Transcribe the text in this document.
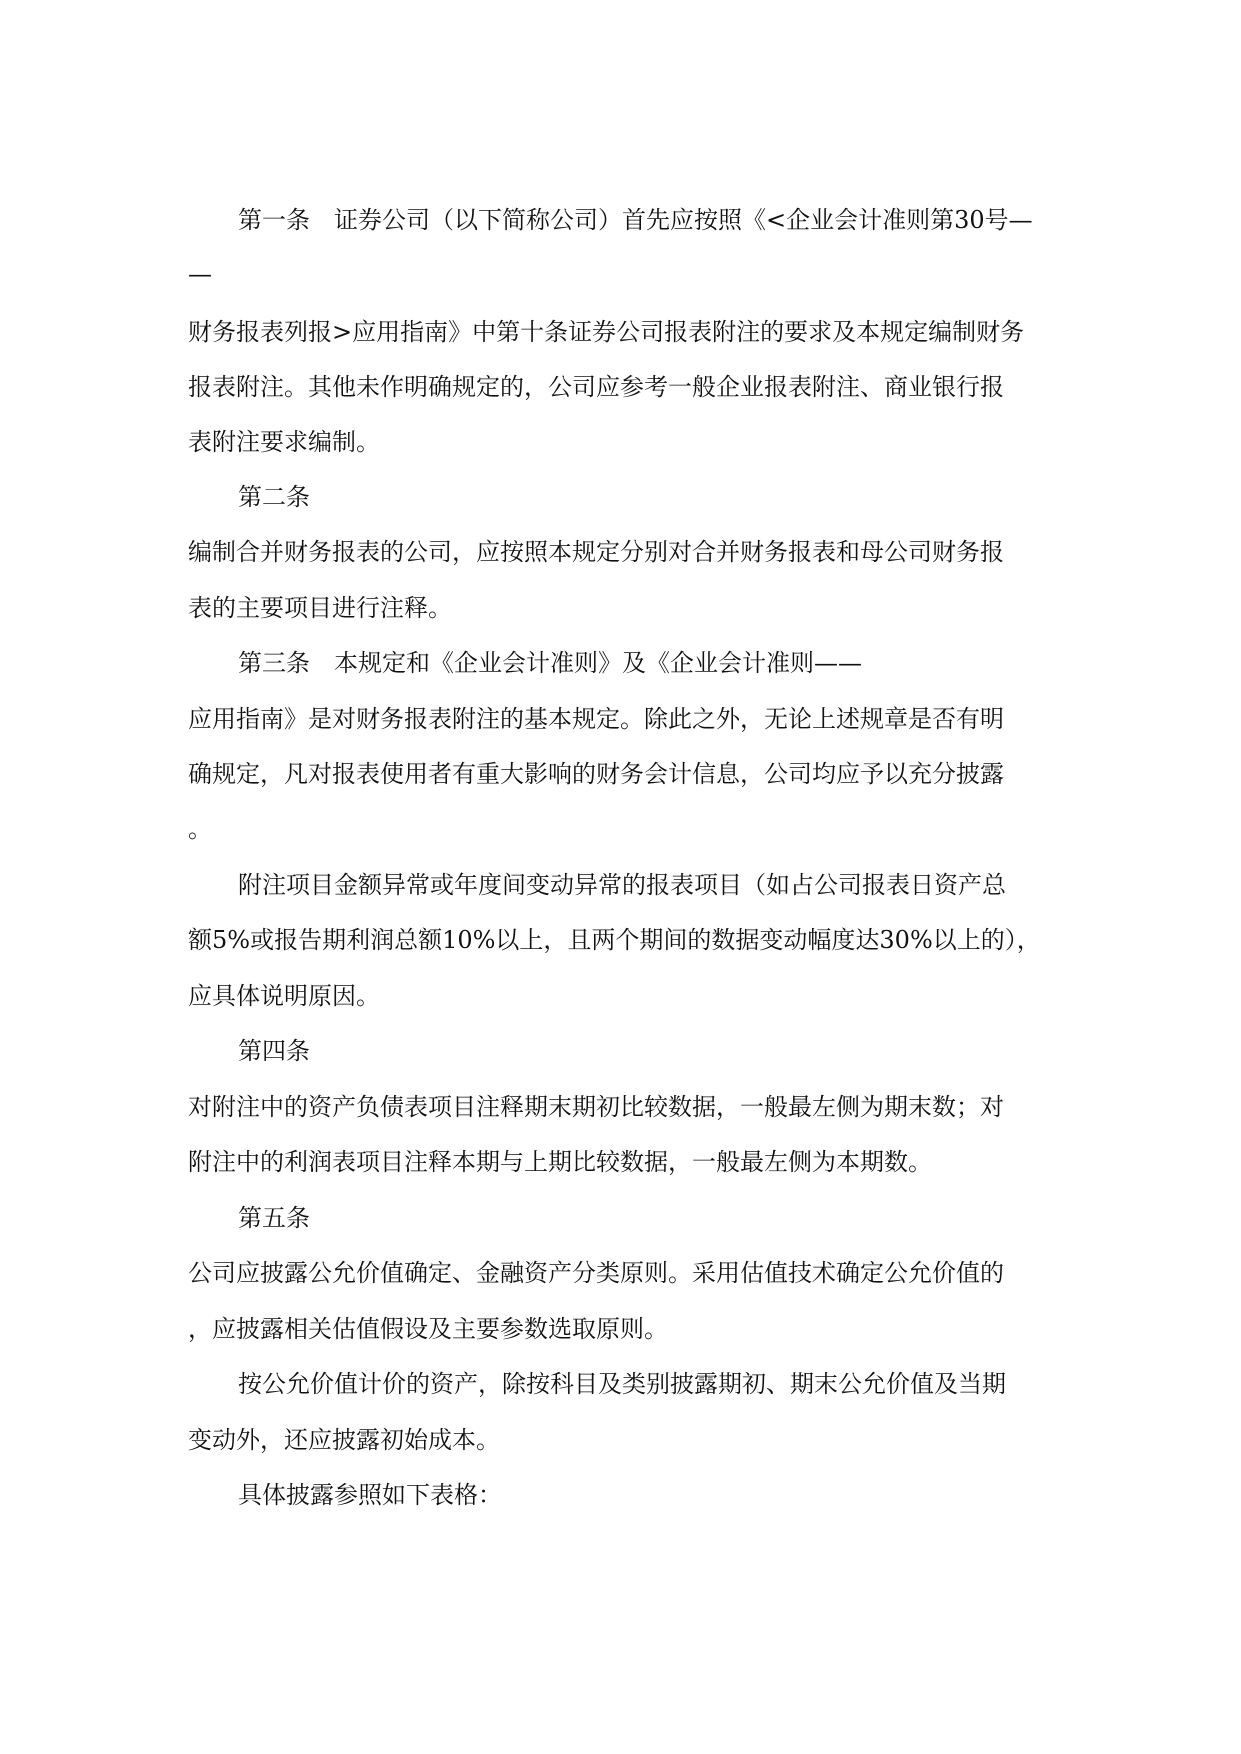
第一条　证券公司（以下简称公司）首先应按照《<企业会计准则第30号—
—
财务报表列报>应用指南》中第十条证券公司报表附注的要求及本规定编制财务
报表附注。其他未作明确规定的，公司应参考一般企业报表附注、商业银行报
表附注要求编制。
第二条
编制合并财务报表的公司，应按照本规定分别对合并财务报表和母公司财务报
表的主要项目进行注释。
第三条　本规定和《企业会计准则》及《企业会计准则——
应用指南》是对财务报表附注的基本规定。除此之外，无论上述规章是否有明
确规定，凡对报表使用者有重大影响的财务会计信息，公司均应予以充分披露
。
附注项目金额异常或年度间变动异常的报表项目（如占公司报表日资产总
额5%或报告期利润总额10%以上，且两个期间的数据变动幅度达30%以上的），
应具体说明原因。
第四条
对附注中的资产负债表项目注释期末期初比较数据，一般最左侧为期末数；对
附注中的利润表项目注释本期与上期比较数据，一般最左侧为本期数。
第五条
公司应披露公允价值确定、金融资产分类原则。采用估值技术确定公允价值的
，应披露相关估值假设及主要参数选取原则。
按公允价值计价的资产，除按科目及类别披露期初、期末公允价值及当期
变动外，还应披露初始成本。
具体披露参照如下表格：
